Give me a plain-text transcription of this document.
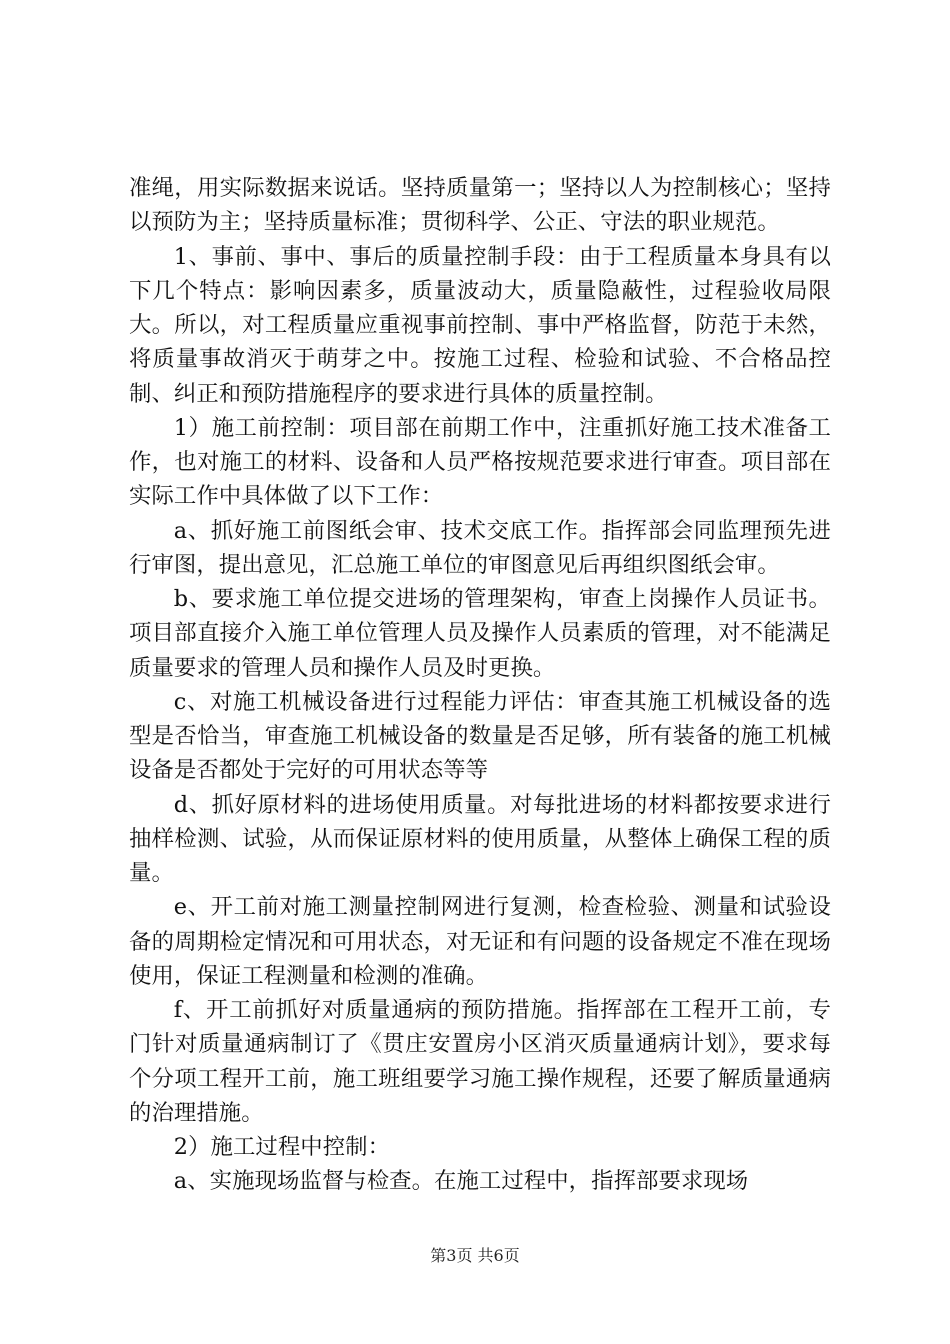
准绳，用实际数据来说话。坚持质量第一；坚持以人为控制核心；坚持以预防为主；坚持质量标准；贯彻科学、公正、守法的职业规范。

1、事前、事中、事后的质量控制手段：由于工程质量本身具有以下几个特点：影响因素多，质量波动大，质量隐蔽性，过程验收局限大。所以，对工程质量应重视事前控制、事中严格监督，防范于未然，将质量事故消灭于萌芽之中。按施工过程、检验和试验、不合格品控制、纠正和预防措施程序的要求进行具体的质量控制。

1）施工前控制：项目部在前期工作中，注重抓好施工技术准备工作，也对施工的材料、设备和人员严格按规范要求进行审查。项目部在实际工作中具体做了以下工作：

a、抓好施工前图纸会审、技术交底工作。指挥部会同监理预先进行审图，提出意见，汇总施工单位的审图意见后再组织图纸会审。

b、要求施工单位提交进场的管理架构，审查上岗操作人员证书。项目部直接介入施工单位管理人员及操作人员素质的管理，对不能满足质量要求的管理人员和操作人员及时更换。

c、对施工机械设备进行过程能力评估：审查其施工机械设备的选型是否恰当，审查施工机械设备的数量是否足够，所有装备的施工机械设备是否都处于完好的可用状态等等

d、抓好原材料的进场使用质量。对每批进场的材料都按要求进行抽样检测、试验，从而保证原材料的使用质量，从整体上确保工程的质量。

e、开工前对施工测量控制网进行复测，检查检验、测量和试验设备的周期检定情况和可用状态，对无证和有问题的设备规定不准在现场使用，保证工程测量和检测的准确。

f、开工前抓好对质量通病的预防措施。指挥部在工程开工前，专门针对质量通病制订了《贯庄安置房小区消灭质量通病计划》，要求每个分项工程开工前，施工班组要学习施工操作规程，还要了解质量通病的治理措施。

2）施工过程中控制：

a、实施现场监督与检查。在施工过程中，指挥部要求现场

第3页 共6页
